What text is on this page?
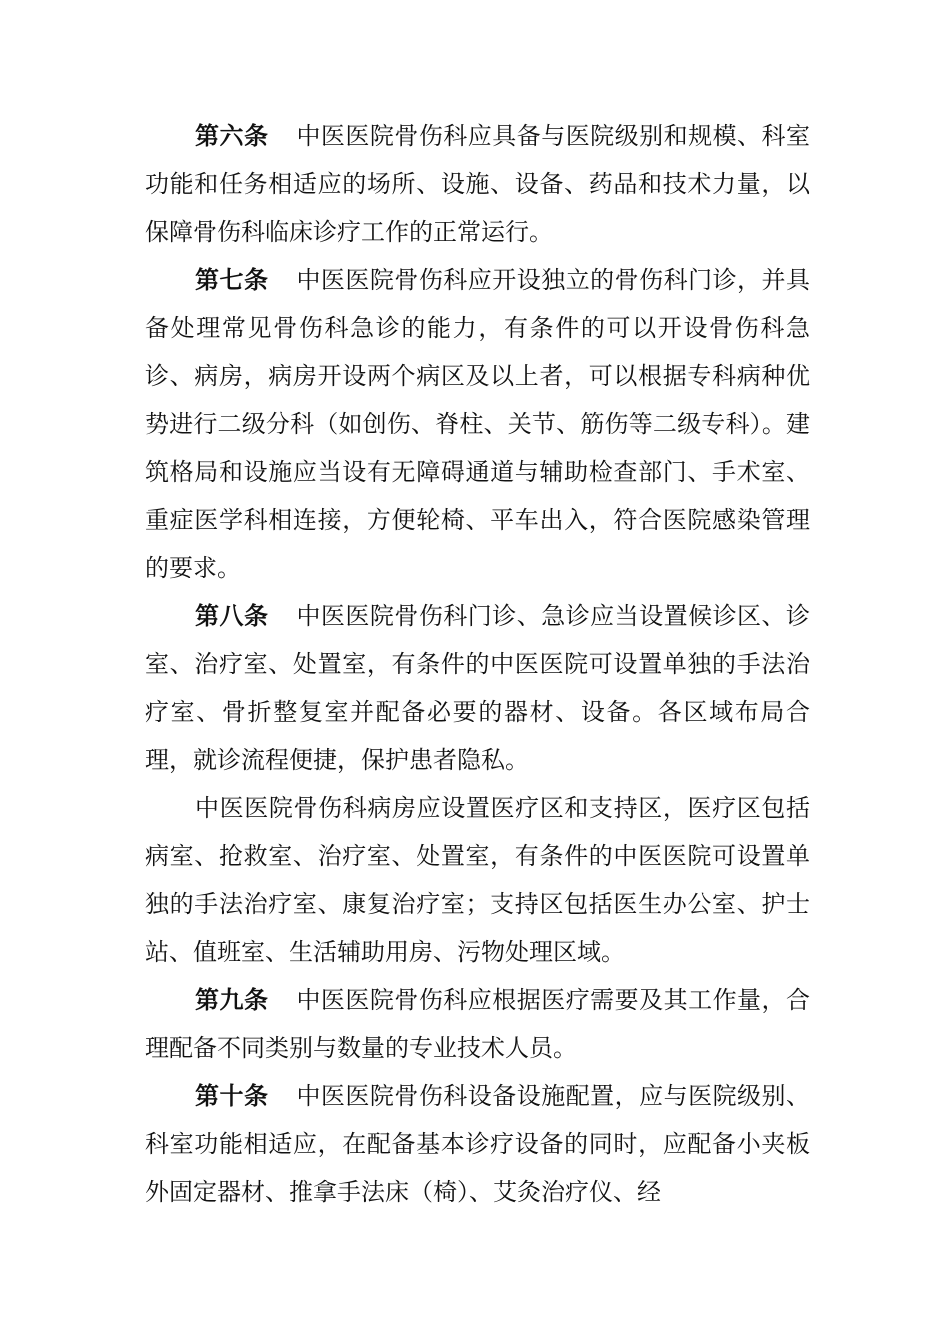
第六条 中医医院骨伤科应具备与医院级别和规模、科室功能和任务相适应的场所、设施、设备、药品和技术力量，以保障骨伤科临床诊疗工作的正常运行。

第七条 中医医院骨伤科应开设独立的骨伤科门诊，并具备处理常见骨伤科急诊的能力，有条件的可以开设骨伤科急诊、病房，病房开设两个病区及以上者，可以根据专科病种优势进行二级分科（如创伤、脊柱、关节、筋伤等二级专科）。建筑格局和设施应当设有无障碍通道与辅助检查部门、手术室、重症医学科相连接，方便轮椅、平车出入，符合医院感染管理的要求。

第八条 中医医院骨伤科门诊、急诊应当设置候诊区、诊室、治疗室、处置室，有条件的中医医院可设置单独的手法治疗室、骨折整复室并配备必要的器材、设备。各区域布局合理，就诊流程便捷，保护患者隐私。

中医医院骨伤科病房应设置医疗区和支持区，医疗区包括病室、抢救室、治疗室、处置室，有条件的中医医院可设置单独的手法治疗室、康复治疗室；支持区包括医生办公室、护士站、值班室、生活辅助用房、污物处理区域。

第九条 中医医院骨伤科应根据医疗需要及其工作量，合理配备不同类别与数量的专业技术人员。

第十条 中医医院骨伤科设备设施配置，应与医院级别、科室功能相适应，在配备基本诊疗设备的同时，应配备小夹板外固定器材、推拿手法床（椅）、艾灸治疗仪、经
